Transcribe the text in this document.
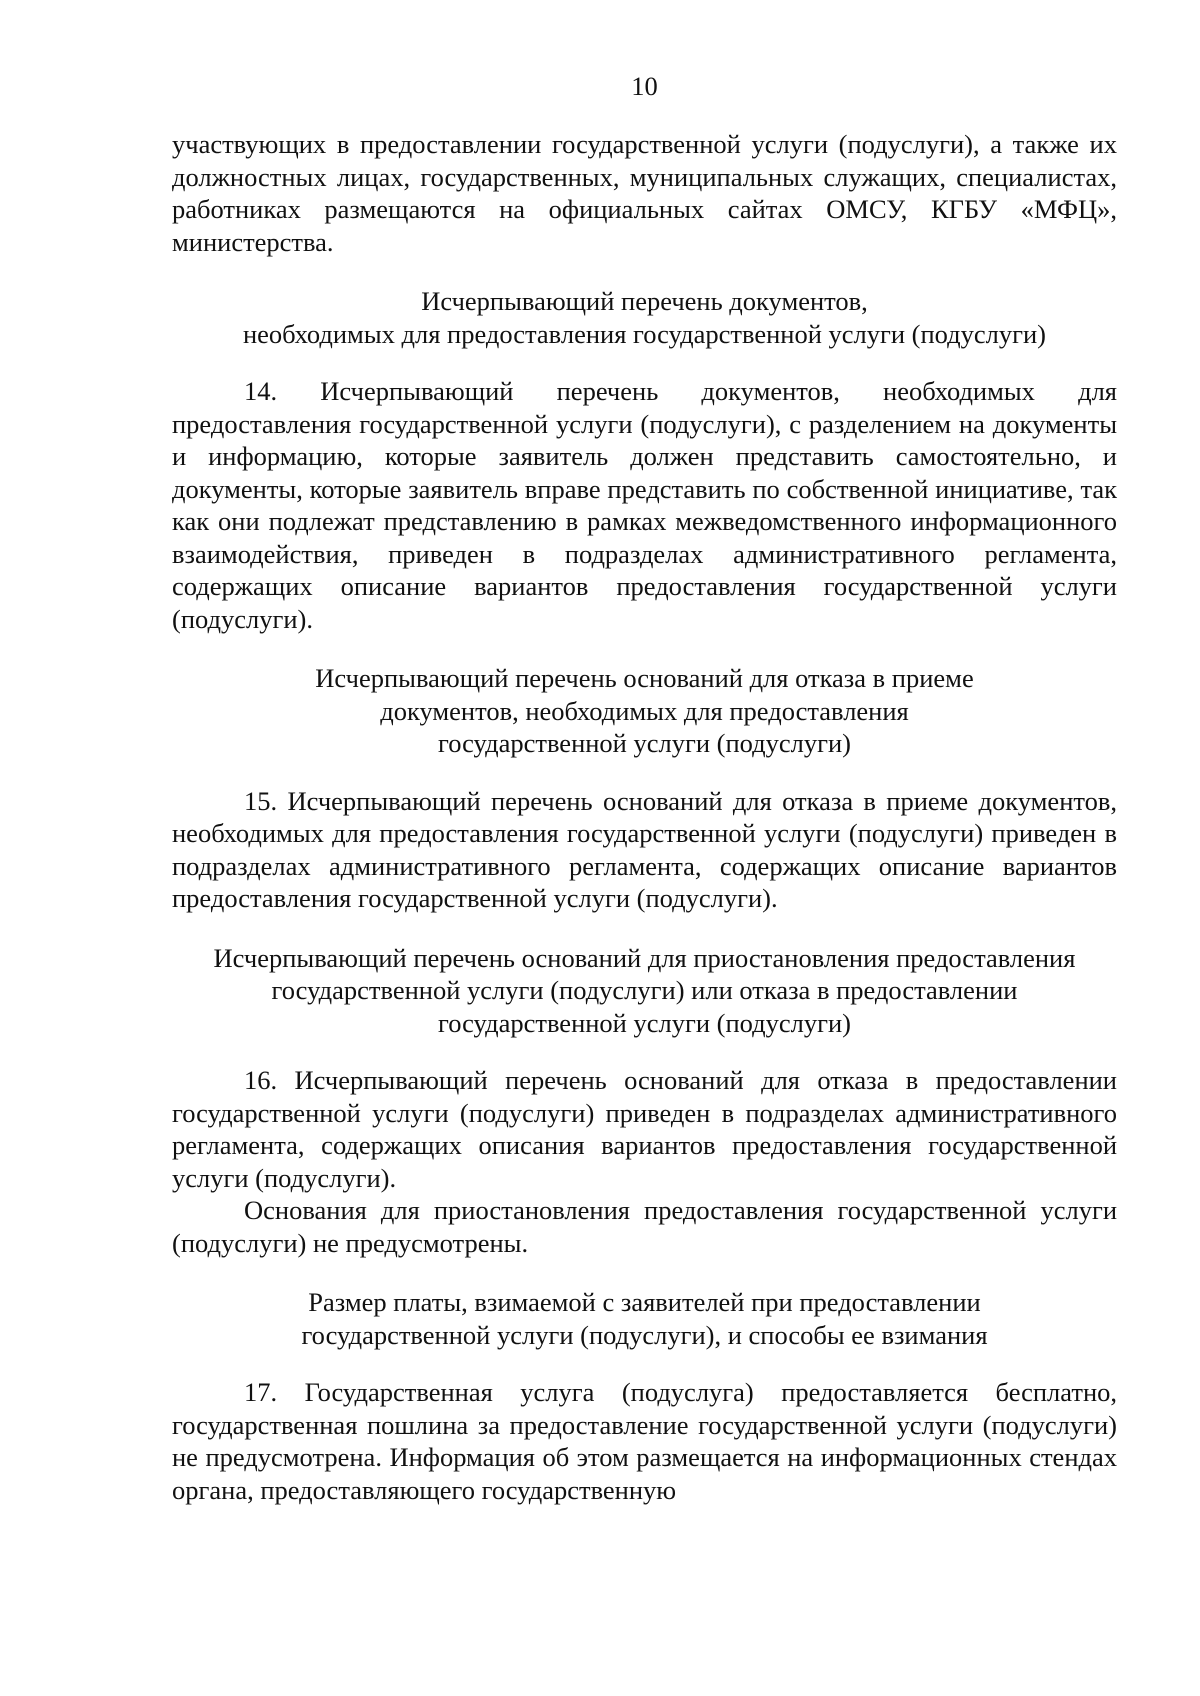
10

участвующих в предоставлении государственной услуги (подуслуги), а также их должностных лицах, государственных, муниципальных служащих, специалистах, работниках размещаются на официальных сайтах ОМСУ, КГБУ «МФЦ», министерства.

Исчерпывающий перечень документов,
необходимых для предоставления государственной услуги (подуслуги)

14. Исчерпывающий перечень документов, необходимых для предоставления государственной услуги (подуслуги), с разделением на документы и информацию, которые заявитель должен представить самостоятельно, и документы, которые заявитель вправе представить по собственной инициативе, так как они подлежат представлению в рамках межведомственного информационного взаимодействия, приведен в подразделах административного регламента, содержащих описание вариантов предоставления государственной услуги (подуслуги).

Исчерпывающий перечень оснований для отказа в приеме
документов, необходимых для предоставления
государственной услуги (подуслуги)

15. Исчерпывающий перечень оснований для отказа в приеме документов, необходимых для предоставления государственной услуги (подуслуги) приведен в подразделах административного регламента, содержащих описание вариантов предоставления государственной услуги (подуслуги).

Исчерпывающий перечень оснований для приостановления предоставления
государственной услуги (подуслуги) или отказа в предоставлении
государственной услуги (подуслуги)

16. Исчерпывающий перечень оснований для отказа в предоставлении государственной услуги (подуслуги) приведен в подразделах административного регламента, содержащих описания вариантов предоставления государственной услуги (подуслуги).

Основания для приостановления предоставления государственной услуги (подуслуги) не предусмотрены.

Размер платы, взимаемой с заявителей при предоставлении
государственной услуги (подуслуги), и способы ее взимания

17. Государственная услуга (подуслуга) предоставляется бесплатно, государственная пошлина за предоставление государственной услуги (подуслуги) не предусмотрена. Информация об этом размещается на информационных стендах органа, предоставляющего государственную
